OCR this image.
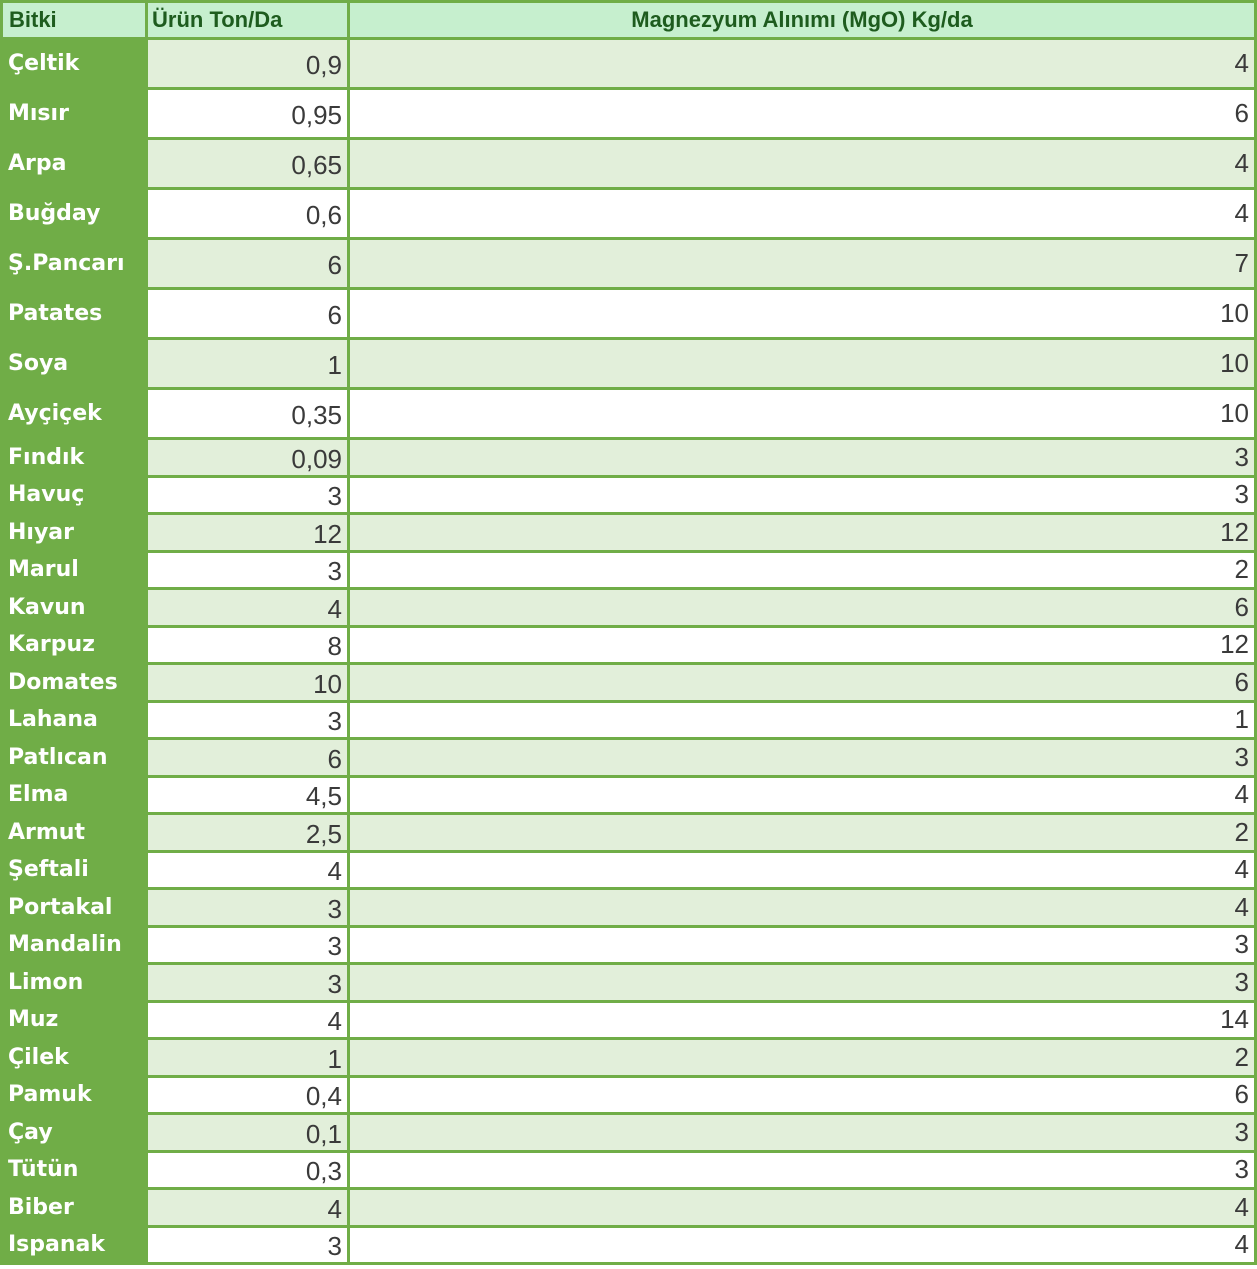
Bitki	Ürün Ton/Da	Magnezyum Alınımı (MgO) Kg/da
Çeltik	0,9	4
Mısır	0,95	6
Arpa	0,65	4
Buğday	0,6	4
Ş.Pancarı	6	7
Patates	6	10
Soya	1	10
Ayçiçek	0,35	10
Fındık	0,09	3
Havuç	3	3
Hıyar	12	12
Marul	3	2
Kavun	4	6
Karpuz	8	12
Domates	10	6
Lahana	3	1
Patlıcan	6	3
Elma	4,5	4
Armut	2,5	2
Şeftali	4	4
Portakal	3	4
Mandalin	3	3
Limon	3	3
Muz	4	14
Çilek	1	2
Pamuk	0,4	6
Çay	0,1	3
Tütün	0,3	3
Biber	4	4
Ispanak	3	4
